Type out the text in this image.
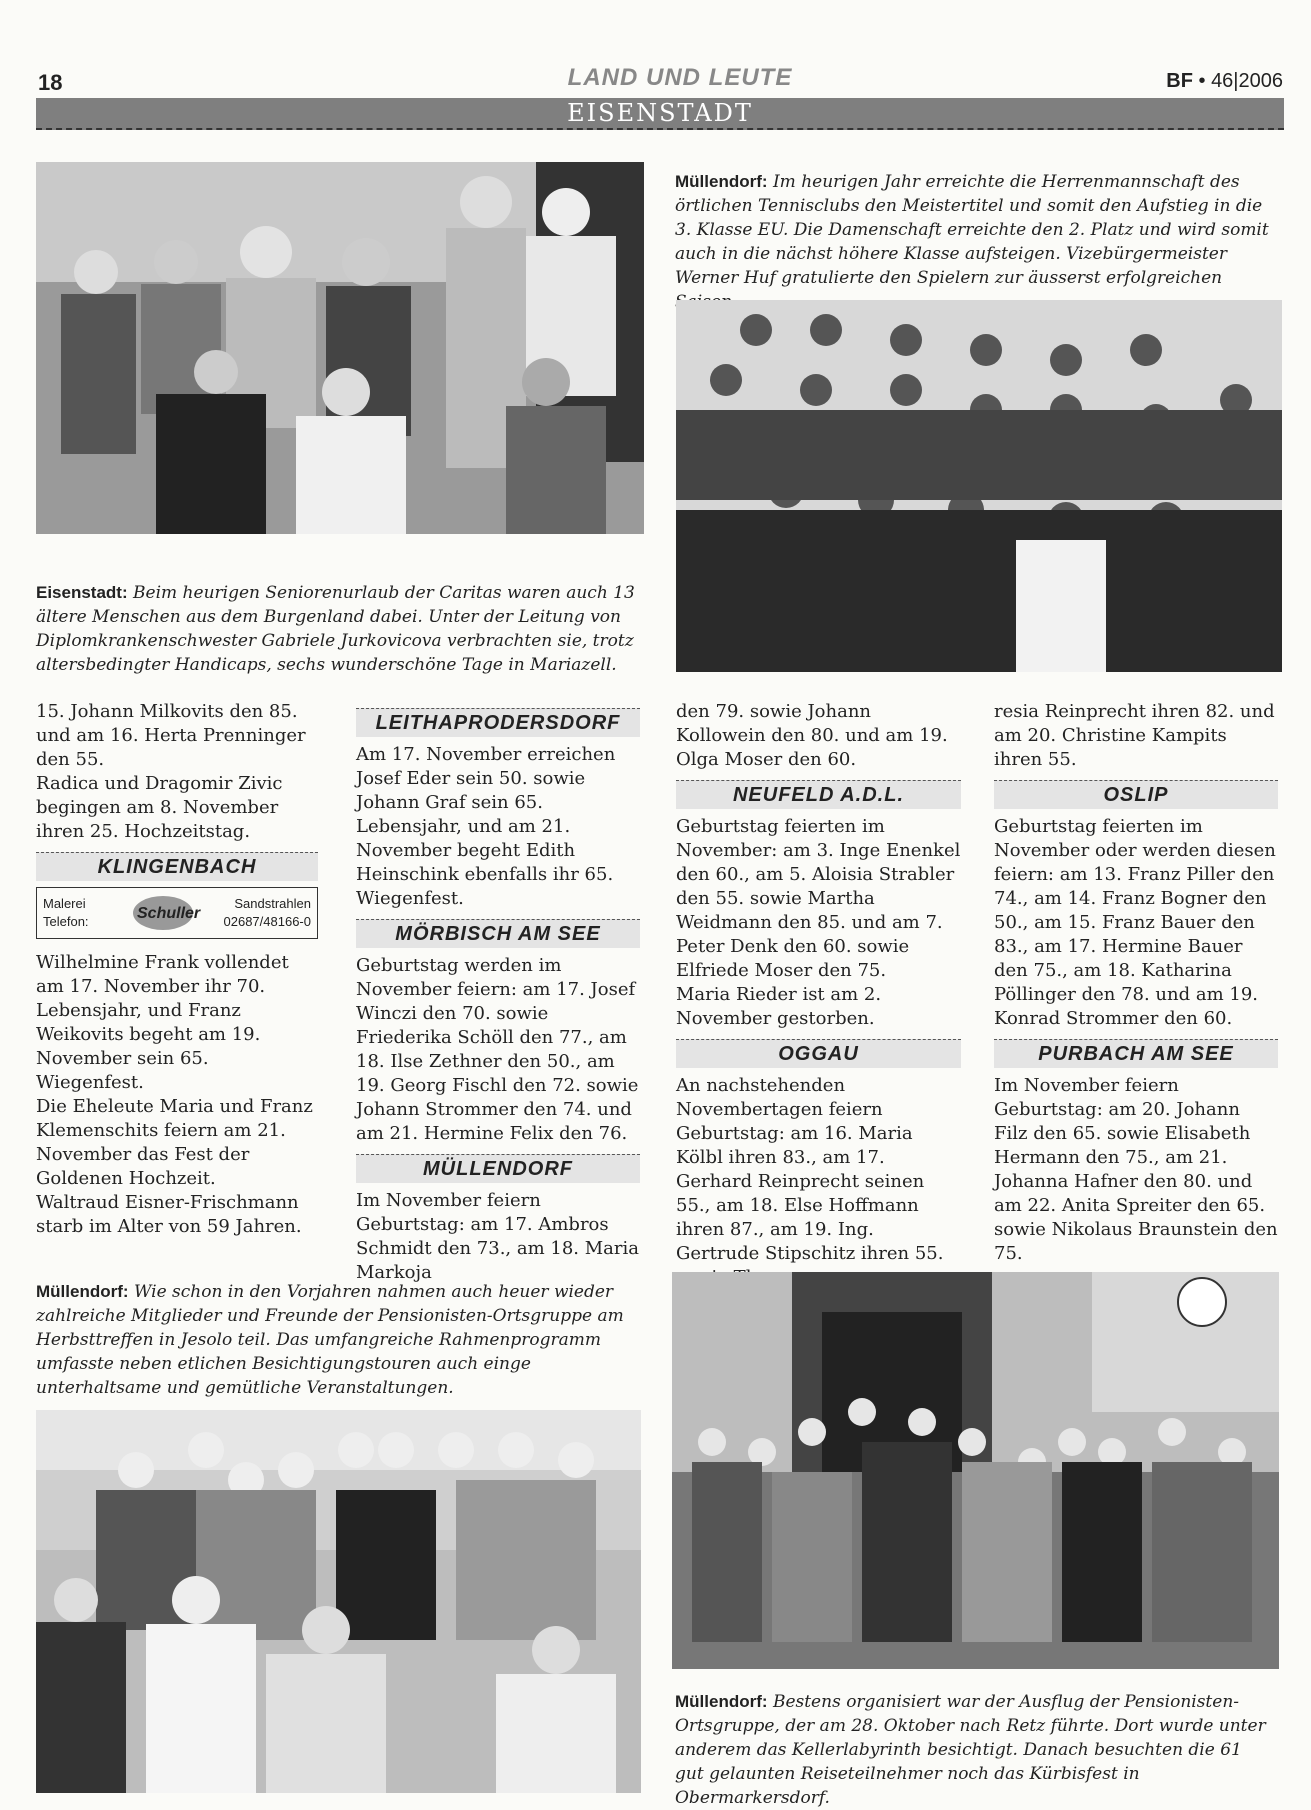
18	LAND UND LEUTE	BF • 46|2006
EISENSTADT
Eisenstadt: Beim heurigen Seniorenurlaub der Caritas waren auch 13 ältere Menschen aus dem Burgenland dabei. Unter der Leitung von Diplomkrankenschwester Gabriele Jurkovicova verbrachten sie, trotz altersbedingter Handicaps, sechs wunderschöne Tage in Mariazell.
Müllendorf: Im heurigen Jahr erreichte die Herrenmannschaft des örtlichen Tennisclubs den Meistertitel und somit den Aufstieg in die 3. Klasse EU. Die Damenschaft erreichte den 2. Platz und wird somit auch in die nächst höhere Klasse aufsteigen. Vizebürgermeister Werner Huf gratulierte den Spielern zur äusserst erfolgreichen

15. Johann Milkovits den 85. und am 16. Herta Prenninger den 55.

Radica und Dragomir Zivic begingen am 8. November ihren 25. Hochzeitstag.

KLINGENBACH
Malerei	Sandstrahlen
Schuller
Telefon:	02687/48166-0

Wilhelmine Frank vollendet am 17. November ihr 70. Lebensjahr, und Franz Weikovits begeht am 19. November sein 65. Wiegenfest.

Die Eheleute Maria und Franz Klemenschits feiern am 21. November das Fest der Goldenen Hochzeit.

Waltraud Eisner-Frischmann starb im Alter von 59 Jahren.

LEITHAPRODERSDORF

Am 17. November erreichen Josef Eder sein 50. sowie Johann Graf sein 65. Lebensjahr, und am 21. November begeht Edith Heinschink ebenfalls ihr 65. Wiegenfest.

MÖRBISCH AM SEE

Geburtstag werden im November feiern: am 17. Josef Winczi den 70. sowie Friederika Schöll den 77., am 18. Ilse Zethner den 50., am 19. Georg Fischl den 72. sowie Johann Strommer den 74. und am 21. Hermine Felix den 76.

MÜLLENDORF

Im November feiern Geburtstag: am 17. Ambros Schmidt den 73., am 18. Maria Markoja

den 79. sowie Johann Kollowein den 80. und am 19. Olga Moser den 60.

NEUFELD A.D.L.

Geburtstag feierten im November: am 3. Inge Enenkel den 60., am 5. Aloisia Strabler den 55. sowie Martha Weidmann den 85. und am 7. Peter Denk den 60. sowie Elfriede Moser den 75.

Maria Rieder ist am 2. November gestorben.

OGGAU

An nachstehenden Novembertagen feiern Geburtstag: am 16. Maria Kölbl ihren 83., am 17. Gerhard Reinprecht seinen 55., am 18. Else Hoffmann ihren 87., am 19. Ing. Gertrude Stipschitz ihren 55.

resia Reinprecht ihren 82. und am 20. Christine Kampits ihren 55.

OSLIP

Geburtstag feierten im November oder werden diesen feiern: am 13. Franz Piller den 74., am 14. Franz Bogner den 50., am 15. Franz Bauer den 83., am 17. Hermine Bauer den 75., am 18. Katharina Pöllinger den 78. und am 19. Konrad Strommer den 60.

PURBACH AM SEE

Im November feiern Geburtstag: am 20. Johann Filz den 65. sowie Elisabeth Hermann den 75., am 21. Johanna Hafner den 80. und am 22. Anita Spreiter den 65. sowie Nikolaus Braunstein den 75.

Müllendorf: Wie schon in den Vorjahren nahmen auch heuer wieder zahlreiche Mitglieder und Freunde der Pensionisten-Ortsgruppe am Herbsttreffen in Jesolo teil. Das umfangreiche Rahmenprogramm umfasste neben etlichen Besichtigungstouren auch einge unterhaltsame und gemütliche Veranstaltungen.
Müllendorf: Bestens organisiert war der Ausflug der Pensionisten-Ortsgruppe, der am 28. Oktober nach Retz führte. Dort wurde unter anderem das Kellerlabyrinth besichtigt. Danach besuchten die 61 gut gelaunten Reiseteilnehmer noch das Kürbisfest in Obermarkersdorf.
